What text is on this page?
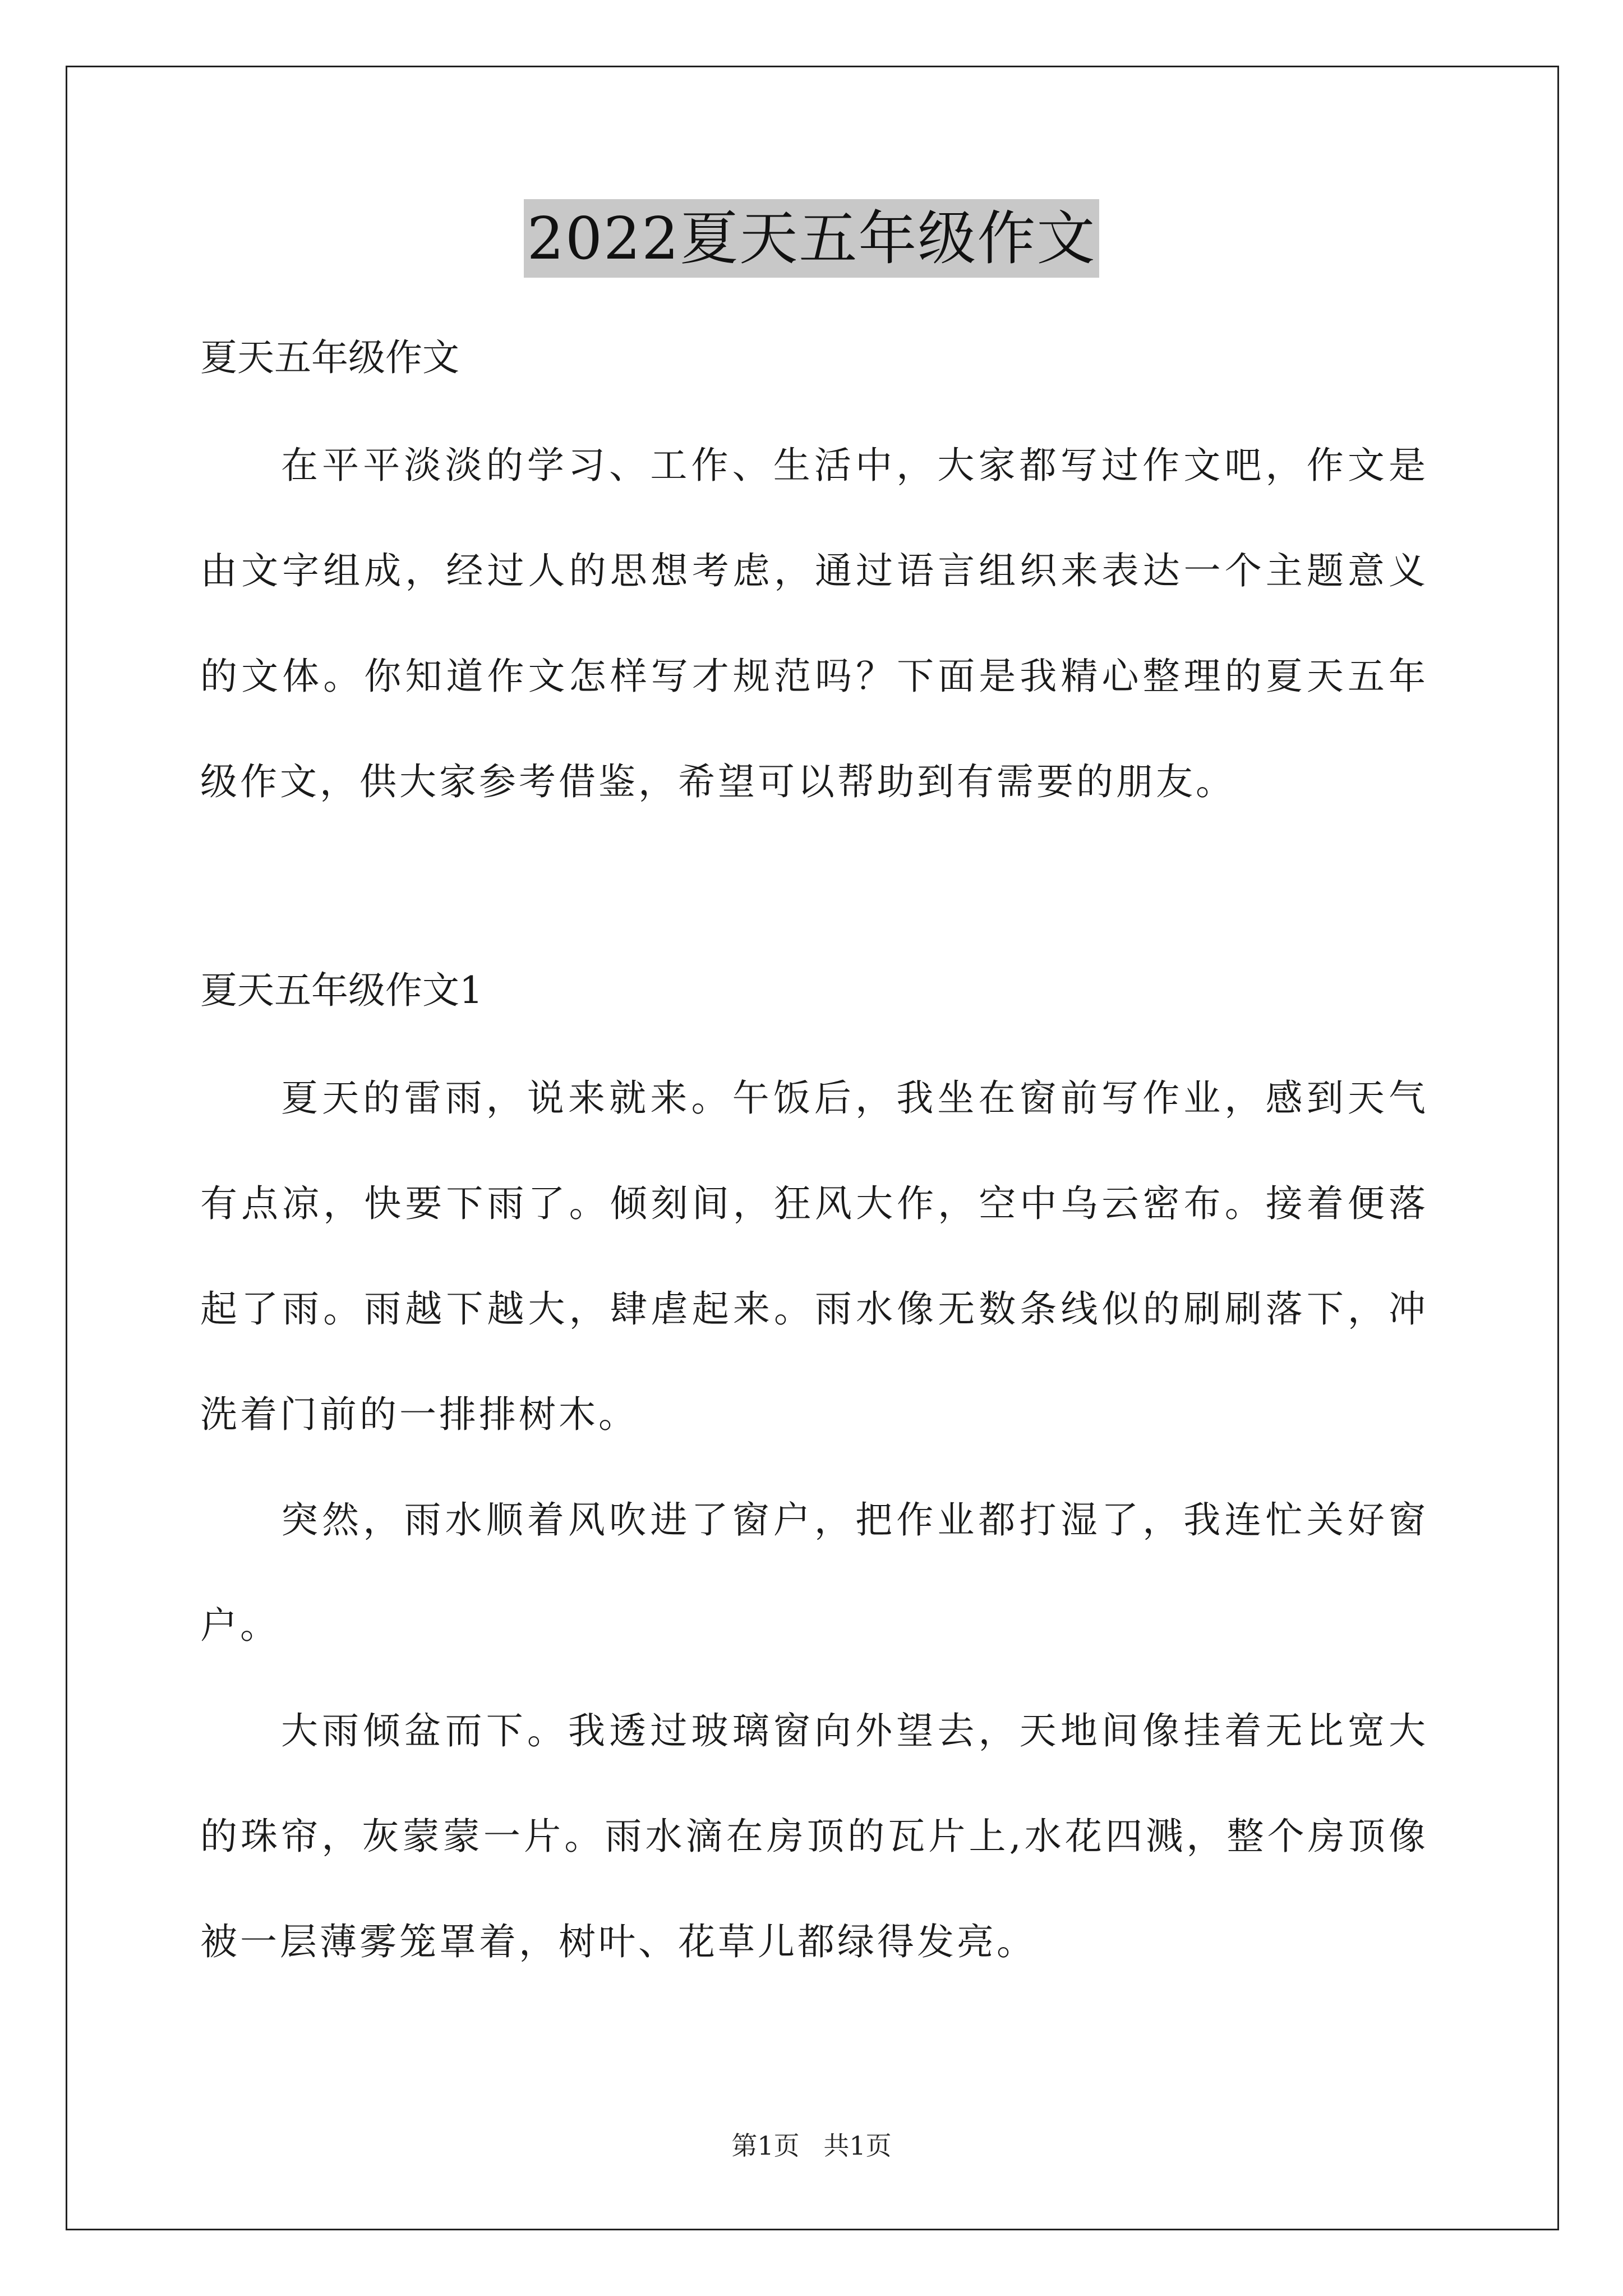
2022夏天五年级作文

夏天五年级作文

在平平淡淡的学习、工作、生活中，大家都写过作文吧，作文是由文字组成，经过人的思想考虑，通过语言组织来表达一个主题意义的文体。你知道作文怎样写才规范吗？下面是我精心整理的夏天五年级作文，供大家参考借鉴，希望可以帮助到有需要的朋友。

夏天五年级作文1

夏天的雷雨，说来就来。午饭后，我坐在窗前写作业，感到天气有点凉，快要下雨了。倾刻间，狂风大作，空中乌云密布。接着便落起了雨。雨越下越大，肆虐起来。雨水像无数条线似的刷刷落下，冲洗着门前的一排排树木。

突然，雨水顺着风吹进了窗户，把作业都打湿了，我连忙关好窗户。

大雨倾盆而下。我透过玻璃窗向外望去，天地间像挂着无比宽大的珠帘，灰蒙蒙一片。雨水滴在房顶的瓦片上,水花四溅，整个房顶像被一层薄雾笼罩着，树叶、花草儿都绿得发亮。

第1页 共1页
